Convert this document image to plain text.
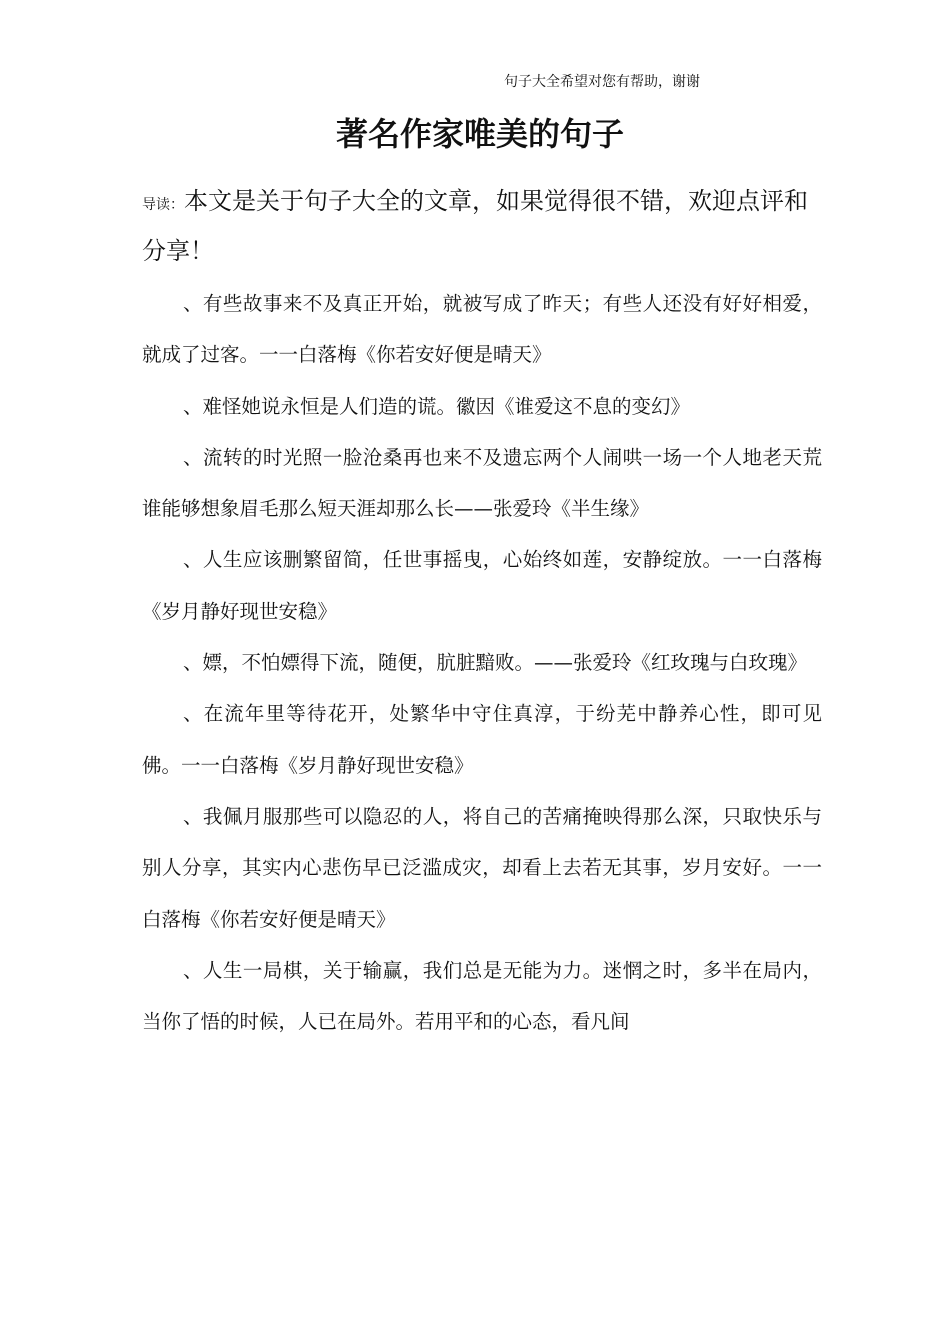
句子大全希望对您有帮助，谢谢
著名作家唯美的句子

导读：本文是关于句子大全的文章，如果觉得很不错，欢迎点评和分享！

、有些故事来不及真正开始，就被写成了昨天；有些人还没有好好相爱，就成了过客。一一白落梅《你若安好便是晴天》

、难怪她说永恒是人们造的谎。徽因《谁爱这不息的变幻》

、流转的时光照一脸沧桑再也来不及遗忘两个人闹哄一场一个人地老天荒谁能够想象眉毛那么短天涯却那么长——张爱玲《半生缘》

、人生应该删繁留简，任世事摇曳，心始终如莲，安静绽放。一一白落梅《岁月静好现世安稳》

、嫖，不怕嫖得下流，随便，肮脏黯败。——张爱玲《红玫瑰与白玫瑰》

、在流年里等待花开，处繁华中守住真淳，于纷芜中静养心性，即可见佛。一一白落梅《岁月静好现世安稳》

、我佩月服那些可以隐忍的人，将自己的苦痛掩映得那么深，只取快乐与别人分享，其实内心悲伤早已泛滥成灾，却看上去若无其事，岁月安好。一一白落梅《你若安好便是晴天》

、人生一局棋，关于输赢，我们总是无能为力。迷惘之时，多半在局内，当你了悟的时候，人已在局外。若用平和的心态，看凡间
